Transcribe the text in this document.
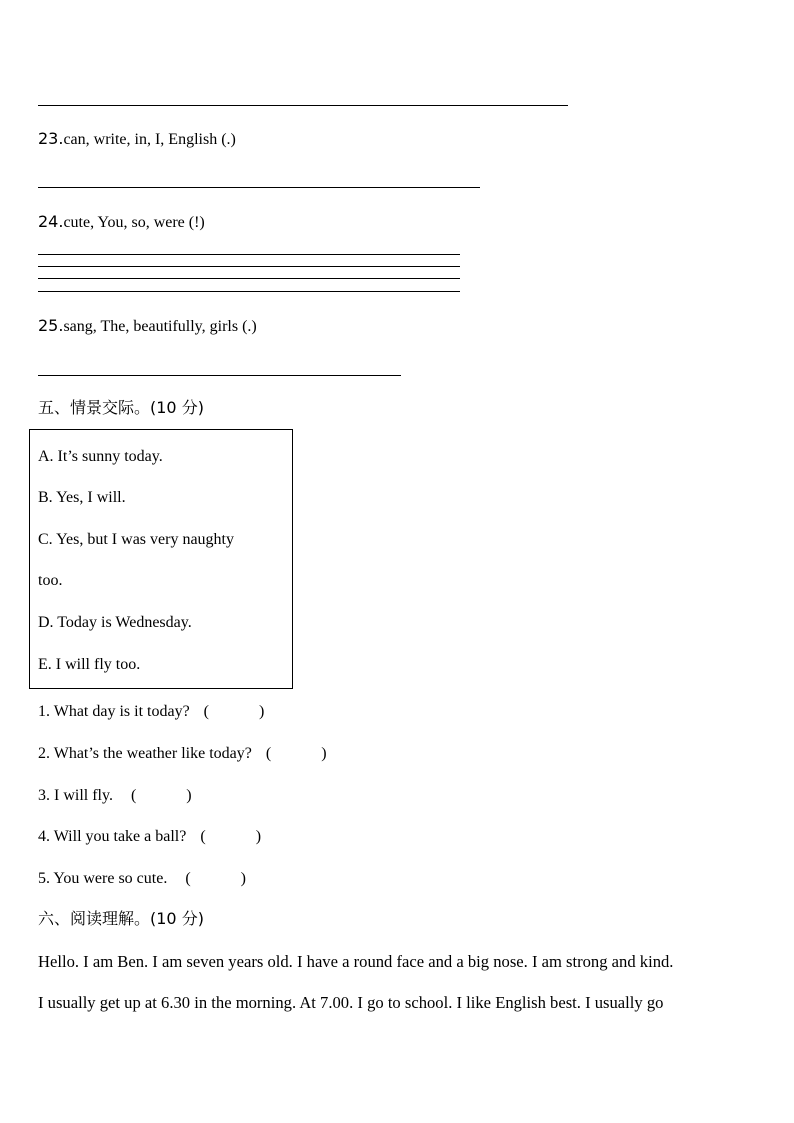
23.can, write, in, I, English (.)
24.cute, You, so, were (!)
25.sang, The, beautifully, girls (.)
五、情景交际。(10 分)
A. It’s sunny today.
B. Yes, I will.
C. Yes, but I was very naughty
too.
D. Today is Wednesday.
E. I will fly too.
1. What day is it today? (	)
2. What’s the weather like today? (	)
3. I will fly. (	)
4. Will you take a ball? (	)
5. You were so cute. (	)
六、阅读理解。(10 分)
Hello. I am Ben. I am seven years old. I have a round face and a big nose. I am strong and kind.
I usually get up at 6.30 in the morning. At 7.00. I go to school. I like English best. I usually go
